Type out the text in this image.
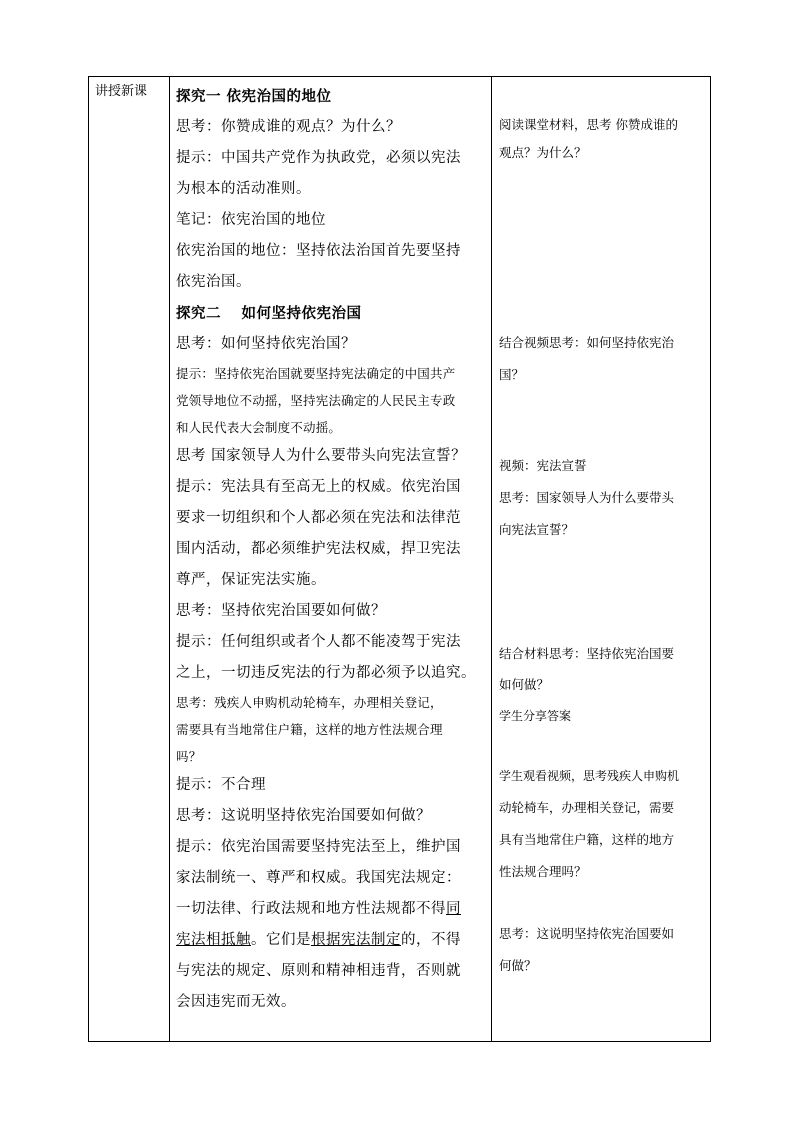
讲授新课	探究一 依宪治国的地位
思考：你赞成谁的观点？为什么？
提示：中国共产党作为执政党，必须以宪法
为根本的活动准则。
笔记：依宪治国的地位
依宪治国的地位：坚持依法治国首先要坚持
依宪治国。
探究二　 如何坚持依宪治国
思考：如何坚持依宪治国？
提示：坚持依宪治国就要坚持宪法确定的中国共产
党领导地位不动摇，坚持宪法确定的人民民主专政
和人民代表大会制度不动摇。
思考 国家领导人为什么要带头向宪法宣誓？
提示：宪法具有至高无上的权威。依宪治国
要求一切组织和个人都必须在宪法和法律范
围内活动，都必须维护宪法权威，捍卫宪法
尊严，保证宪法实施。
思考：坚持依宪治国要如何做？
提示：任何组织或者个人都不能凌驾于宪法
之上，一切违反宪法的行为都必须予以追究。
思考：残疾人申购机动轮椅车，办理相关登记，
需要具有当地常住户籍，这样的地方性法规合理
吗？
提示：不合理
思考：这说明坚持依宪治国要如何做？
提示：依宪治国需要坚持宪法至上，维护国
家法制统一、尊严和权威。我国宪法规定：
一切法律、行政法规和地方性法规都不得同
宪法相抵触。它们是根据宪法制定的，不得
与宪法的规定、原则和精神相违背，否则就
会因违宪而无效。

阅读课堂材料，思考 你赞成谁的
观点？为什么？
结合视频思考：如何坚持依宪治
国？
视频：宪法宣誓
思考：国家领导人为什么要带头
向宪法宣誓？
结合材料思考：坚持依宪治国要
如何做？
学生分享答案
学生观看视频，思考残疾人申购机
动轮椅车，办理相关登记，需要
具有当地常住户籍，这样的地方
性法规合理吗？
思考：这说明坚持依宪治国要如
何做？
